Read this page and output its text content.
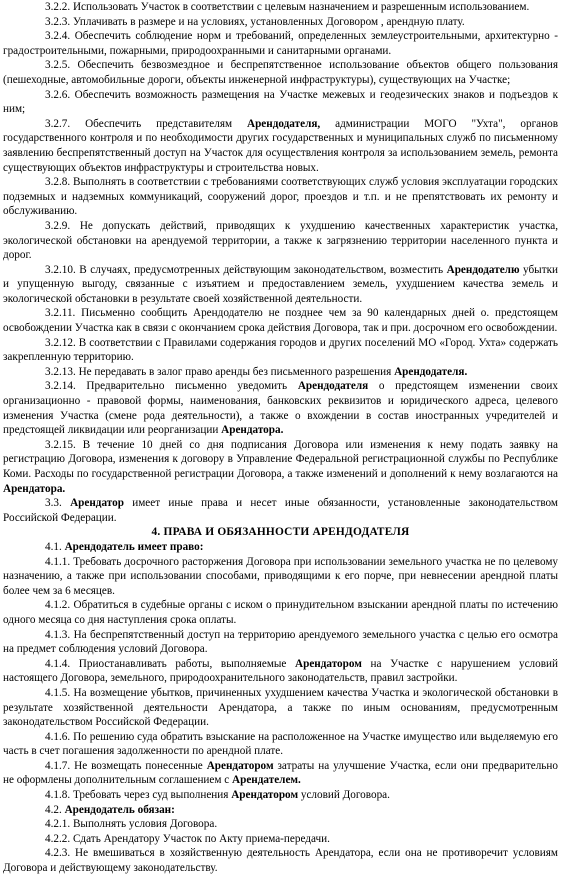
3.2.2. Использовать Участок в соответствии с целевым назначением и разрешенным использованием.

3.2.3. Уплачивать в размере и на условиях, установленных Договором , арендную плату.

3.2.4. Обеспечить соблюдение норм и требований, определенных землеустроительными, архитектурно - градостроительными, пожарными, природоохранными и санитарными органами.

3.2.5. Обеспечить безвозмездное и беспрепятственное использование объектов общего пользования (пешеходные, автомобильные дороги, объекты инженерной инфраструктуры), существующих на Участке;

3.2.6. Обеспечить возможность размещения на Участке межевых и геодезических знаков и подъездов к ним;

3.2.7. Обеспечить представителям Арендодателя, администрации МОГО "Ухта", органов государственного контроля и по необходимости других государственных и муниципальных служб по письменному заявлению беспрепятственный доступ на Участок для осуществления контроля за использованием земель, ремонта существующих объектов инфраструктуры и строительства новых.

3.2.8. Выполнять в соответствии с требованиями соответствующих служб условия эксплуатации городских подземных и надземных коммуникаций, сооружений дорог, проездов и т.п. и не препятствовать их ремонту и обслуживанию.

3.2.9. Не допускать действий, приводящих к ухудшению качественных характеристик участка, экологической обстановки на арендуемой территории, а также к загрязнению территории населенного пункта и дорог.

3.2.10. В случаях, предусмотренных действующим законодательством, возместить Арендодателю убытки и упущенную выгоду, связанные с изъятием и предоставлением земель, ухудшением качества земель и экологической обстановки в результате своей хозяйственной деятельности.

3.2.11. Письменно сообщить Арендодателю не позднее чем за 90 календарных дней о. предстоящем освобождении Участка как в связи с окончанием срока действия Договора, так и при. досрочном его освобождении.

3.2.12. В соответствии с Правилами содержания городов и других поселений МО «Город. Ухта» содержать закрепленную территорию.

3.2.13. Не передавать в залог право аренды без письменного разрешения Арендодателя.

3.2.14. Предварительно письменно уведомить Арендодателя о предстоящем изменении своих организационно - правовой формы, наименования, банковских реквизитов и юридического адреса, целевого изменения Участка (смене рода деятельности), а также о вхождении в состав иностранных учредителей и предстоящей ликвидации или реорганизации Арендатора.

3.2.15. В течение 10 дней со дня подписания Договора или изменения к нему подать заявку на регистрацию Договора, изменения к договору в Управление Федеральной регистрационной службы по Республике Коми. Расходы по государственной регистрации Договора, а также изменений и дополнений к нему возлагаются на Арендатора.

3.3. Арендатор имеет иные права и несет иные обязанности, установленные законодательством Российской Федерации.

4. ПРАВА И ОБЯЗАННОСТИ АРЕНДОДАТЕЛЯ

4.1. Арендодатель имеет право:

4.1.1. Требовать досрочного расторжения Договора при использовании земельного участка не по целевому назначению, а также при использовании способами, приводящими к его порче, при невнесении арендной платы более чем за 6 месяцев.

4.1.2. Обратиться в судебные органы с иском о принудительном взыскании арендной платы по истечению одного месяца со дня наступления срока оплаты.

4.1.3. На беспрепятственный доступ на территорию арендуемого земельного участка с целью его осмотра на предмет соблюдения условий Договора.

4.1.4. Приостанавливать работы, выполняемые Арендатором на Участке с нарушением условий настоящего Договора, земельного, природоохранительного законодательств, правил застройки.

4.1.5. На возмещение убытков, причиненных ухудшением качества Участка и экологической обстановки в результате хозяйственной деятельности Арендатора, а также по иным основаниям, предусмотренным законодательством Российской Федерации.

4.1.6. По решению суда обратить взыскание на расположенное на Участке имущество или выделяемую его часть в счет погашения задолженности по арендной плате.

4.1.7. Не возмещать понесенные Арендатором затраты на улучшение Участка, если они предварительно не оформлены дополнительным соглашением с Арендателем.

4.1.8. Требовать через суд выполнения Арендатором условий Договора.

4.2. Арендодатель обязан:

4.2.1. Выполнять условия Договора.

4.2.2. Сдать Арендатору Участок по Акту приема-передачи.

4.2.3. Не вмешиваться в хозяйственную деятельность Арендатора, если она не противоречит условиям Договора и действующему законодательству.
